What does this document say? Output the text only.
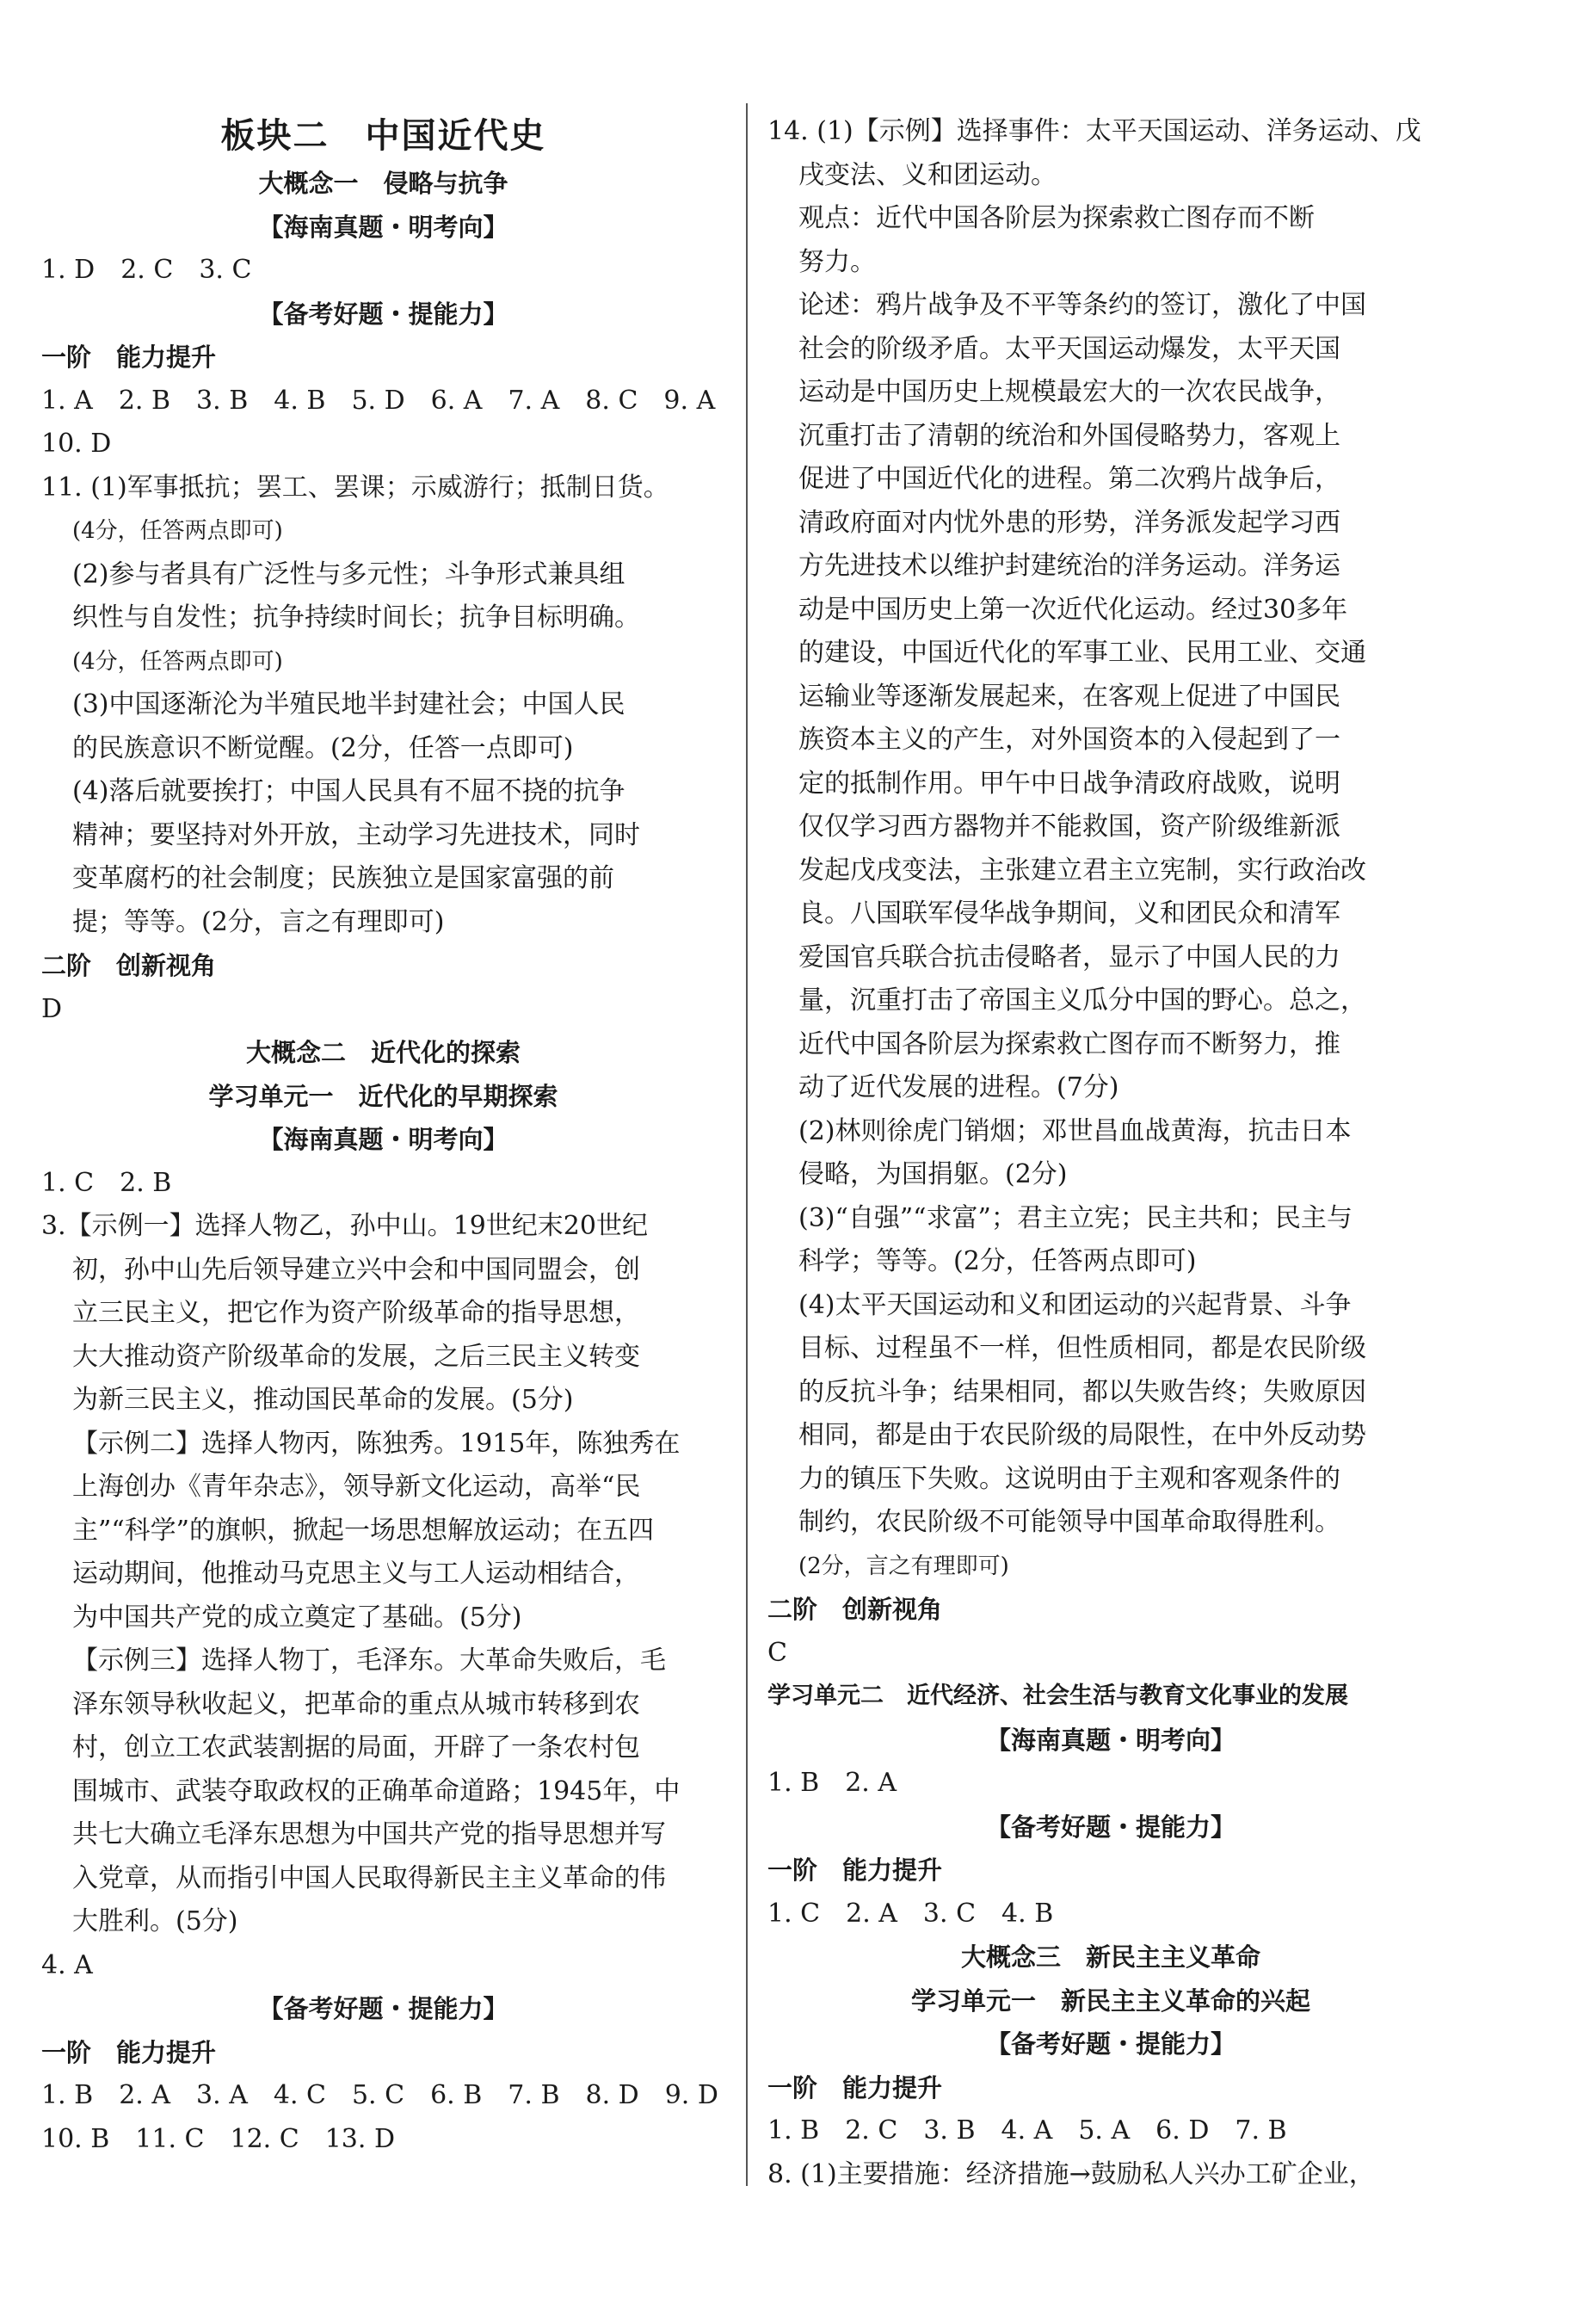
板块二　中国近代史
大概念一　侵略与抗争
【海南真题・明考向】
1. D　2. C　3. C
【备考好题・提能力】
一阶　能力提升
1. A　2. B　3. B　4. B　5. D　6. A　7. A　8. C　9. A
10. D
11. (1)军事抵抗；罢工、罢课；示威游行；抵制日货。
(4分，任答两点即可)
(2)参与者具有广泛性与多元性；斗争形式兼具组
织性与自发性；抗争持续时间长；抗争目标明确。
(4分，任答两点即可)
(3)中国逐渐沦为半殖民地半封建社会；中国人民
的民族意识不断觉醒。(2分，任答一点即可)
(4)落后就要挨打；中国人民具有不屈不挠的抗争
精神；要坚持对外开放，主动学习先进技术，同时
变革腐朽的社会制度；民族独立是国家富强的前
提；等等。(2分，言之有理即可)
二阶　创新视角
D
大概念二　近代化的探索
学习单元一　近代化的早期探索
【海南真题・明考向】
1. C　2. B
3.【示例一】选择人物乙，孙中山。19世纪末20世纪
初，孙中山先后领导建立兴中会和中国同盟会，创
立三民主义，把它作为资产阶级革命的指导思想，
大大推动资产阶级革命的发展，之后三民主义转变
为新三民主义，推动国民革命的发展。(5分)
【示例二】选择人物丙，陈独秀。1915年，陈独秀在
上海创办《青年杂志》，领导新文化运动，高举“民
主”“科学”的旗帜，掀起一场思想解放运动；在五四
运动期间，他推动马克思主义与工人运动相结合，
为中国共产党的成立奠定了基础。(5分)
【示例三】选择人物丁，毛泽东。大革命失败后，毛
泽东领导秋收起义，把革命的重点从城市转移到农
村，创立工农武装割据的局面，开辟了一条农村包
围城市、武装夺取政权的正确革命道路；1945年，中
共七大确立毛泽东思想为中国共产党的指导思想并写
入党章，从而指引中国人民取得新民主主义革命的伟
大胜利。(5分)
4. A
【备考好题・提能力】
一阶　能力提升
1. B　2. A　3. A　4. C　5. C　6. B　7. B　8. D　9. D
10. B　11. C　12. C　13. D
14. (1)【示例】选择事件：太平天国运动、洋务运动、戊
戌变法、义和团运动。
观点：近代中国各阶层为探索救亡图存而不断
努力。
论述：鸦片战争及不平等条约的签订，激化了中国
社会的阶级矛盾。太平天国运动爆发，太平天国
运动是中国历史上规模最宏大的一次农民战争，
沉重打击了清朝的统治和外国侵略势力，客观上
促进了中国近代化的进程。第二次鸦片战争后，
清政府面对内忧外患的形势，洋务派发起学习西
方先进技术以维护封建统治的洋务运动。洋务运
动是中国历史上第一次近代化运动。经过30多年
的建设，中国近代化的军事工业、民用工业、交通
运输业等逐渐发展起来，在客观上促进了中国民
族资本主义的产生，对外国资本的入侵起到了一
定的抵制作用。甲午中日战争清政府战败，说明
仅仅学习西方器物并不能救国，资产阶级维新派
发起戊戌变法，主张建立君主立宪制，实行政治改
良。八国联军侵华战争期间，义和团民众和清军
爱国官兵联合抗击侵略者，显示了中国人民的力
量，沉重打击了帝国主义瓜分中国的野心。总之，
近代中国各阶层为探索救亡图存而不断努力，推
动了近代发展的进程。(7分)
(2)林则徐虎门销烟；邓世昌血战黄海，抗击日本
侵略，为国捐躯。(2分)
(3)“自强”“求富”；君主立宪；民主共和；民主与
科学；等等。(2分，任答两点即可)
(4)太平天国运动和义和团运动的兴起背景、斗争
目标、过程虽不一样，但性质相同，都是农民阶级
的反抗斗争；结果相同，都以失败告终；失败原因
相同，都是由于农民阶级的局限性，在中外反动势
力的镇压下失败。这说明由于主观和客观条件的
制约，农民阶级不可能领导中国革命取得胜利。
(2分，言之有理即可)
二阶　创新视角
C
学习单元二　近代经济、社会生活与教育文化事业的发展
【海南真题・明考向】
1. B　2. A
【备考好题・提能力】
一阶　能力提升
1. C　2. A　3. C　4. B
大概念三　新民主主义革命
学习单元一　新民主主义革命的兴起
【备考好题・提能力】
一阶　能力提升
1. B　2. C　3. B　4. A　5. A　6. D　7. B
8. (1)主要措施：经济措施→鼓励私人兴办工矿企业，
